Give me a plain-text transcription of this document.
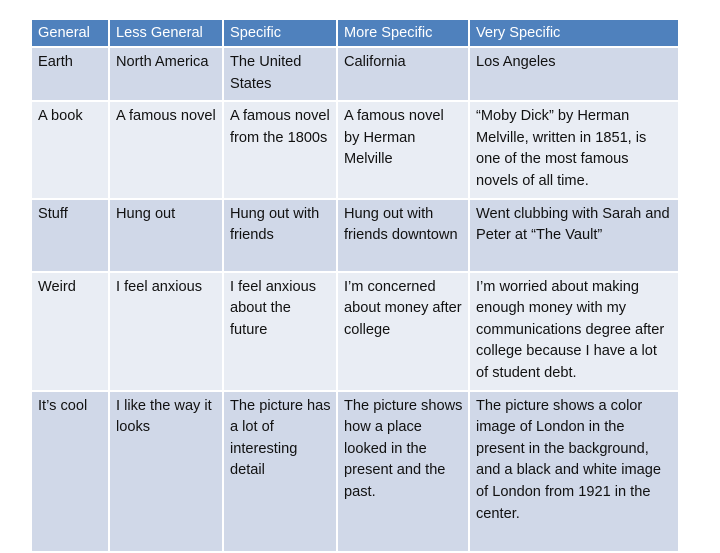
General	Less General	Specific	More Specific	Very Specific
Earth	North America	The United States	California	Los Angeles
A book	A famous novel	A famous novel from the 1800s	A famous novel by Herman Melville	“Moby Dick” by Herman Melville, written in 1851, is one of the most famous novels of all time.
Stuff	Hung out	Hung out with friends	Hung out with friends downtown	Went clubbing with Sarah and Peter at “The Vault”
Weird	I feel anxious	I feel anxious about the future	I’m concerned about money after college	I’m worried about making enough money with my communications degree after college because I have a lot of student debt.
It’s cool	I like the way it looks	The picture has a lot of interesting detail	The picture shows how a place looked in the present and the past.	The picture shows a color image of London in the present in the background, and a black and white image of London from 1921 in the center.
